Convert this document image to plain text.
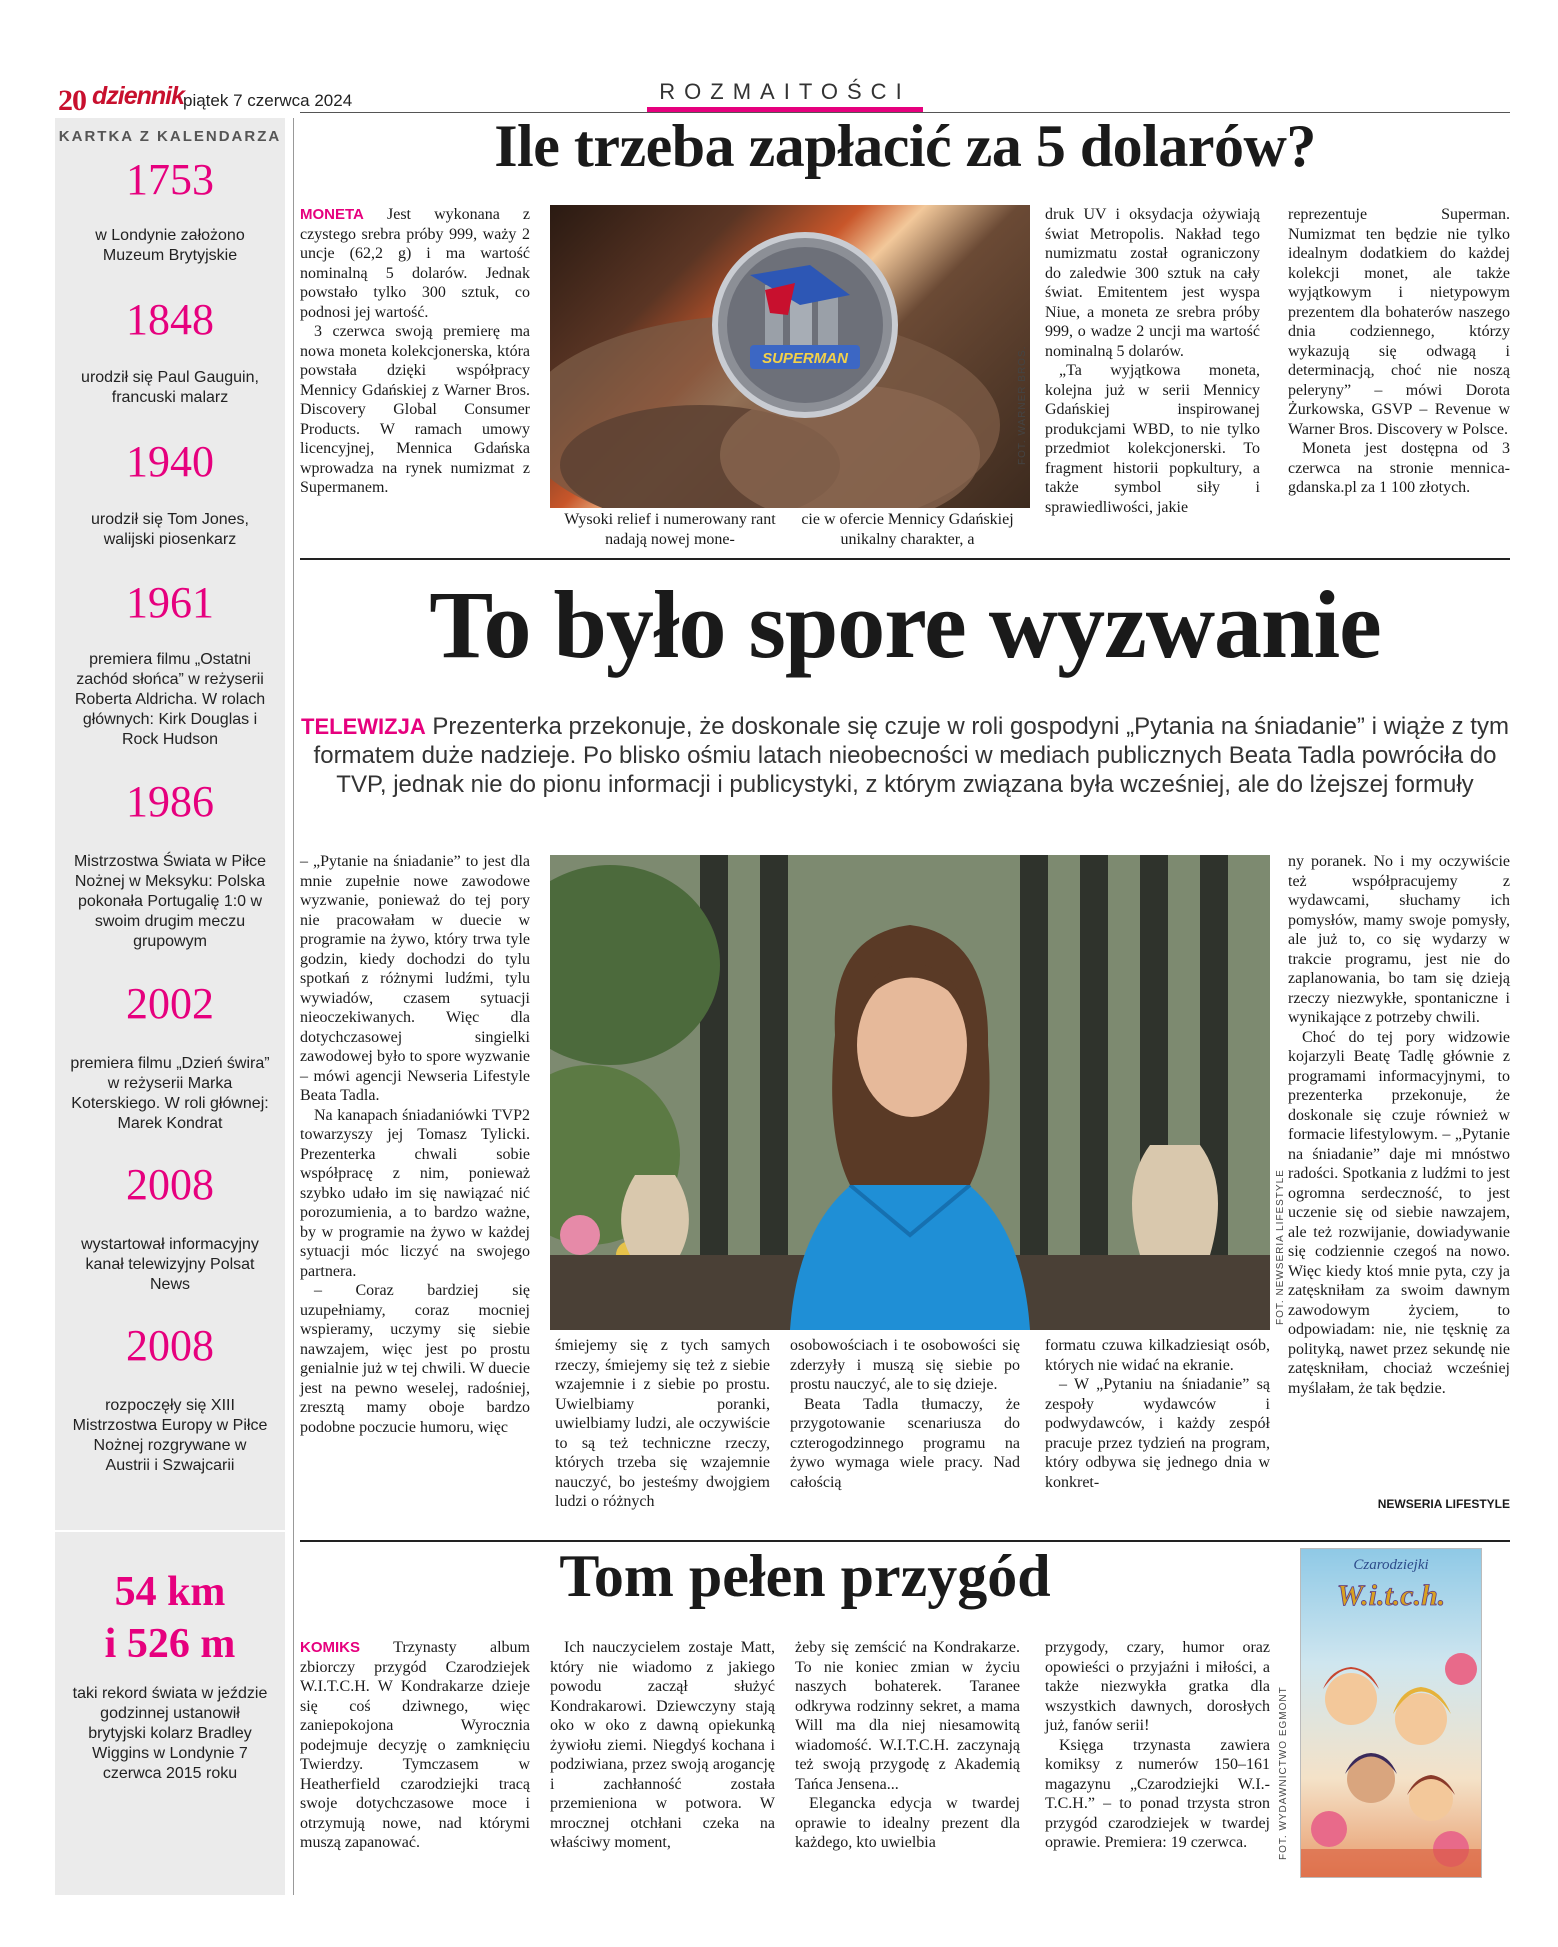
20 dziennik
piątek 7 czerwca 2024	ROZMAITOŚCI
KARTKA Z KALENDARZA
1753
w Londynie założono Muzeum Brytyjskie
1848
urodził się Paul Gauguin, francuski malarz
1940
urodził się Tom Jones, walijski piosenkarz
1961
premiera filmu „Ostatni zachód słońca” w reżyserii Roberta Aldricha. W rolach głównych: Kirk Douglas i Rock Hudson
1986
Mistrzostwa Świata w Piłce Nożnej w Meksyku: Polska pokonała Portugalię 1:0 w swoim drugim meczu grupowym
2002
premiera filmu „Dzień świra” w reżyserii Marka Koterskiego. W roli głównej: Marek Kondrat
2008
wystartował informacyjny kanał telewizyjny Polsat News
2008
rozpoczęły się XIII Mistrzostwa Europy w Piłce Nożnej rozgrywane w Austrii i Szwajcarii
54 km
i 526 m
taki rekord świata w jeździe godzinnej ustanowił brytyjski kolarz Bradley Wiggins w Londynie 7 czerwca 2015 roku
Ile trzeba zapłacić za 5 dolarów?

MONETA Jest wykonana z czystego srebra próby 999, waży 2 uncje (62,2 g) i ma wartość nominalną 5 dolarów. Jednak powstało tylko 300 sztuk, co podnosi jej wartość.

3 czerwca swoją premierę ma nowa moneta kolekcjonerska, która powstała dzięki współpracy Mennicy Gdańskiej z Warner Bros. Discovery Global Consumer Products. W ramach umowy licencyjnej, Mennica Gdańska wprowadza na rynek numizmat z Supermanem.

SUPERMAN	FOT. WARNER BROS.
Wysoki relief i numerowany rant nadają nowej mone-
cie w ofercie Mennicy Gdańskiej unikalny charakter, a

druk UV i oksydacja ożywiają świat Metropolis. Nakład tego numizmatu został ograniczony do zaledwie 300 sztuk na cały świat. Emitentem jest wyspa Niue, a moneta ze srebra próby 999, o wadze 2 uncji ma wartość nominalną 5 dolarów.

„Ta wyjątkowa moneta, kolejna już w serii Mennicy Gdańskiej inspirowanej produkcjami WBD, to nie tylko przedmiot kolekcjonerski. To fragment historii popkultury, a także symbol siły i sprawiedliwości, jakie

reprezentuje Superman. Numizmat ten będzie nie tylko idealnym dodatkiem do każdej kolekcji monet, ale także wyjątkowym i nietypowym prezentem dla bohaterów naszego dnia codziennego, którzy wykazują się odwagą i determinacją, choć nie noszą peleryny” – mówi Dorota Żurkowska, GSVP – Revenue w Warner Bros. Discovery w Polsce.

Moneta jest dostępna od 3 czerwca na stronie mennica-gdanska.pl za 1 100 złotych.

To było spore wyzwanie
TELEWIZJA Prezenterka przekonuje, że doskonale się czuje w roli gospodyni „Pytania na śniadanie” i wiąże z tym formatem duże nadzieje. Po blisko ośmiu latach nieobecności w mediach publicznych Beata Tadla powróciła do TVP, jednak nie do pionu informacji i publicystyki, z którym związana była wcześniej, ale do lżejszej formuły

– „Pytanie na śniadanie” to jest dla mnie zupełnie nowe zawodowe wyzwanie, ponieważ do tej pory nie pracowałam w duecie w programie na żywo, który trwa tyle godzin, kiedy dochodzi do tylu spotkań z różnymi ludźmi, tylu wywiadów, czasem sytuacji nieoczekiwanych. Więc dla dotychczasowej singielki zawodowej było to spore wyzwanie – mówi agencji Newseria Lifestyle Beata Tadla.

Na kanapach śniadaniówki TVP2 towarzyszy jej Tomasz Tylicki. Prezenterka chwali sobie współpracę z nim, ponieważ szybko udało im się nawiązać nić porozumienia, a to bardzo ważne, by w programie na żywo w każdej sytuacji móc liczyć na swojego partnera.

– Coraz bardziej się uzupełniamy, coraz mocniej wspieramy, uczymy się siebie nawzajem, więc jest po prostu genialnie już w tej chwili. W duecie jest na pewno weselej, radośniej, zresztą mamy oboje bardzo podobne poczucie humoru, więc

FOT. NEWSERIA LIFESTYLE

śmiejemy się z tych samych rzeczy, śmiejemy się też z siebie wzajemnie i z siebie po prostu. Uwielbiamy poranki, uwielbiamy ludzi, ale oczywiście to są też techniczne rzeczy, których trzeba się wzajemnie nauczyć, bo jesteśmy dwojgiem ludzi o różnych

osobowościach i te osobowości się zderzyły i muszą się siebie po prostu nauczyć, ale to się dzieje.

Beata Tadla tłumaczy, że przygotowanie scenariusza do czterogodzinnego programu na żywo wymaga wiele pracy. Nad całością

formatu czuwa kilkadziesiąt osób, których nie widać na ekranie.

– W „Pytaniu na śniadanie” są zespoły wydawców i podwydawców, i każdy zespół pracuje przez tydzień na program, który odbywa się jednego dnia w konkret-

ny poranek. No i my oczywiście też współpracujemy z wydawcami, słuchamy ich pomysłów, mamy swoje pomysły, ale już to, co się wydarzy w trakcie programu, jest nie do zaplanowania, bo tam się dzieją rzeczy niezwykłe, spontaniczne i wynikające z potrzeby chwili.

Choć do tej pory widzowie kojarzyli Beatę Tadlę głównie z programami informacyjnymi, to prezenterka przekonuje, że doskonale się czuje również w formacie lifestylowym. – „Pytanie na śniadanie” daje mi mnóstwo radości. Spotkania z ludźmi to jest ogromna serdeczność, to jest uczenie się od siebie nawzajem, ale też rozwijanie, dowiadywanie się codziennie czegoś na nowo. Więc kiedy ktoś mnie pyta, czy ja zatęskniłam za swoim dawnym zawodowym życiem, to odpowiadam: nie, nie tęsknię za polityką, nawet przez sekundę nie zatęskniłam, chociaż wcześniej myślałam, że tak będzie.

NEWSERIA LIFESTYLE
Tom pełen przygód

KOMIKS Trzynasty album zbiorczy przygód Czarodziejek W.I.T.C.H. W Kondrakarze dzieje się coś dziwnego, więc zaniepokojona Wyrocznia podejmuje decyzję o zamknięciu Twierdzy. Tymczasem w Heatherfield czarodziejki tracą swoje dotychczasowe moce i otrzymują nowe, nad którymi muszą zapanować.

Ich nauczycielem zostaje Matt, który nie wiadomo z jakiego powodu zaczął służyć Kondrakarowi. Dziewczyny stają oko w oko z dawną opiekunką żywiołu ziemi. Niegdyś kochana i podziwiana, przez swoją arogancję i zachłanność została przemieniona w potwora. W mrocznej otchłani czeka na właściwy moment,

żeby się zemścić na Kondrakarze. To nie koniec zmian w życiu naszych bohaterek. Taranee odkrywa rodzinny sekret, a mama Will ma dla niej niesamowitą wiadomość. W.I.T.C.H. zaczynają też swoją przygodę z Akademią Tańca Jensena...

Elegancka edycja w twardej oprawie to idealny prezent dla każdego, kto uwielbia

przygody, czary, humor oraz opowieści o przyjaźni i miłości, a także niezwykła gratka dla wszystkich dawnych, dorosłych już, fanów serii!

Księga trzynasta zawiera komiksy z numerów 150–161 magazynu „Czarodziejki W.I.-T.C.H.” – to ponad trzysta stron przygód czarodziejek w twardej oprawie. Premiera: 19 czerwca.

Czarodziejki
W.i.t.c.h.
FOT. WYDAWNICTWO EGMONT
